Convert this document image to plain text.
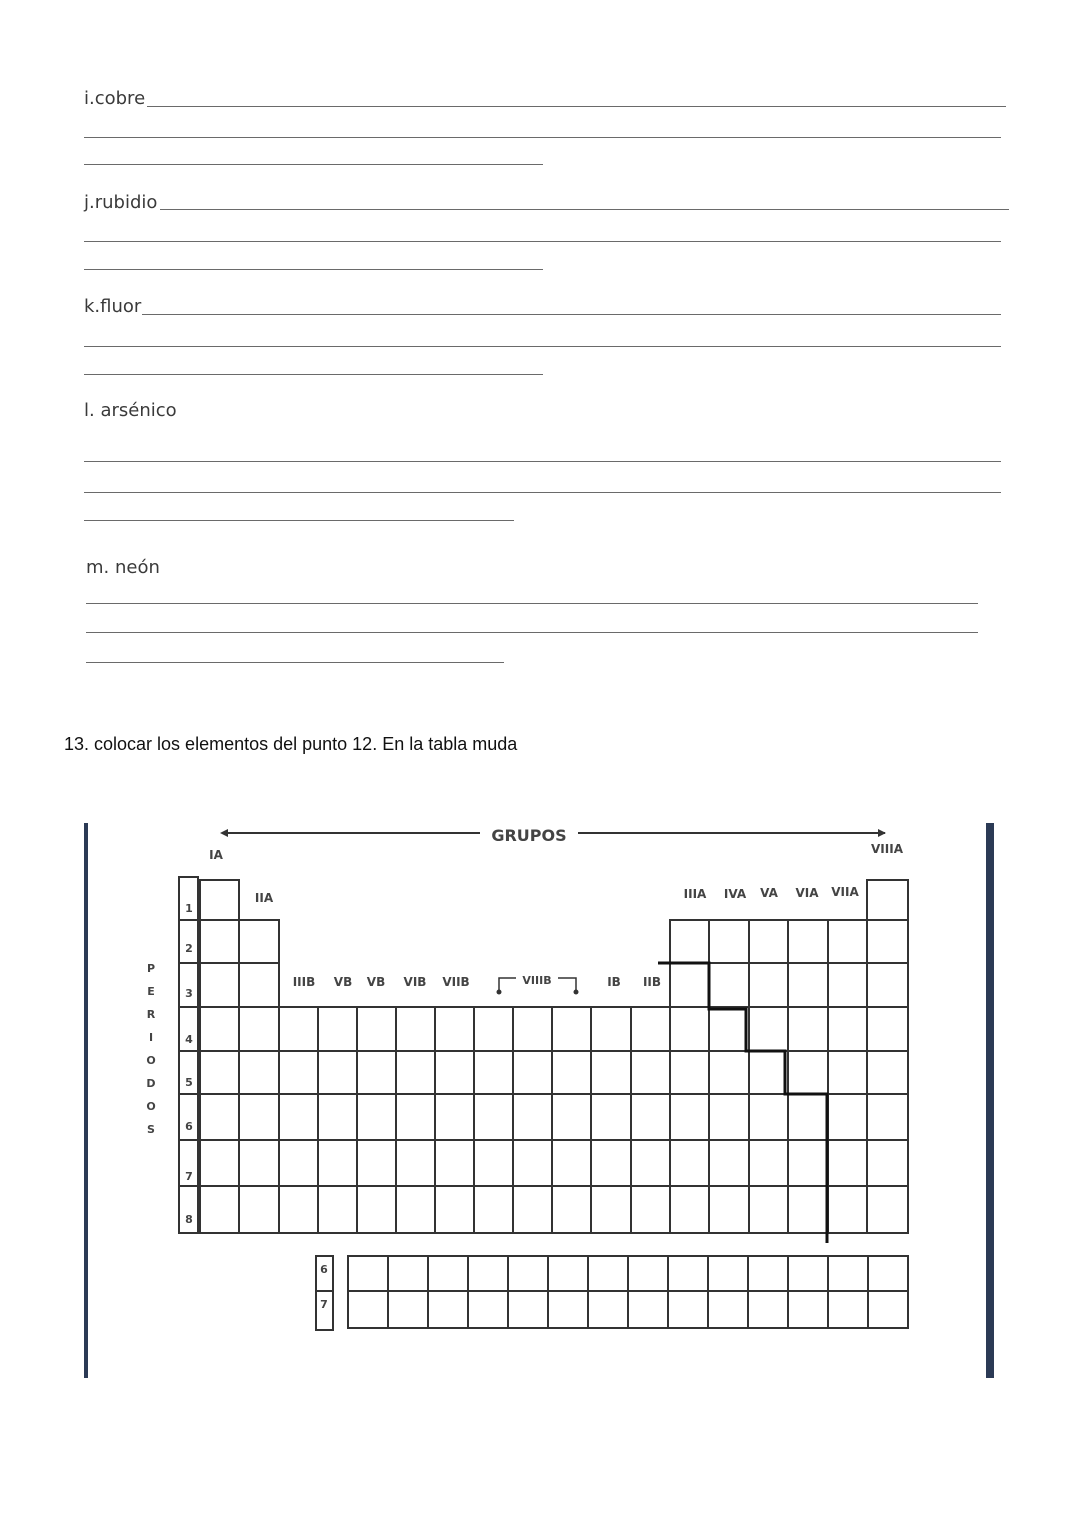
i.cobre
j.rubidio
k.fluor
l. arsénico
m. neón
13. colocar los elementos del punto 12. En la tabla muda
GRUPOS
IA	VIIIA
IIA
IIIB VB VB VIB VIIB	VIIIB	IB IIB
IIIA IVA VA VIA VIIA
P
E
R
I
O
D
O
S
1
2
3
4
5
6
7
8
6
7
